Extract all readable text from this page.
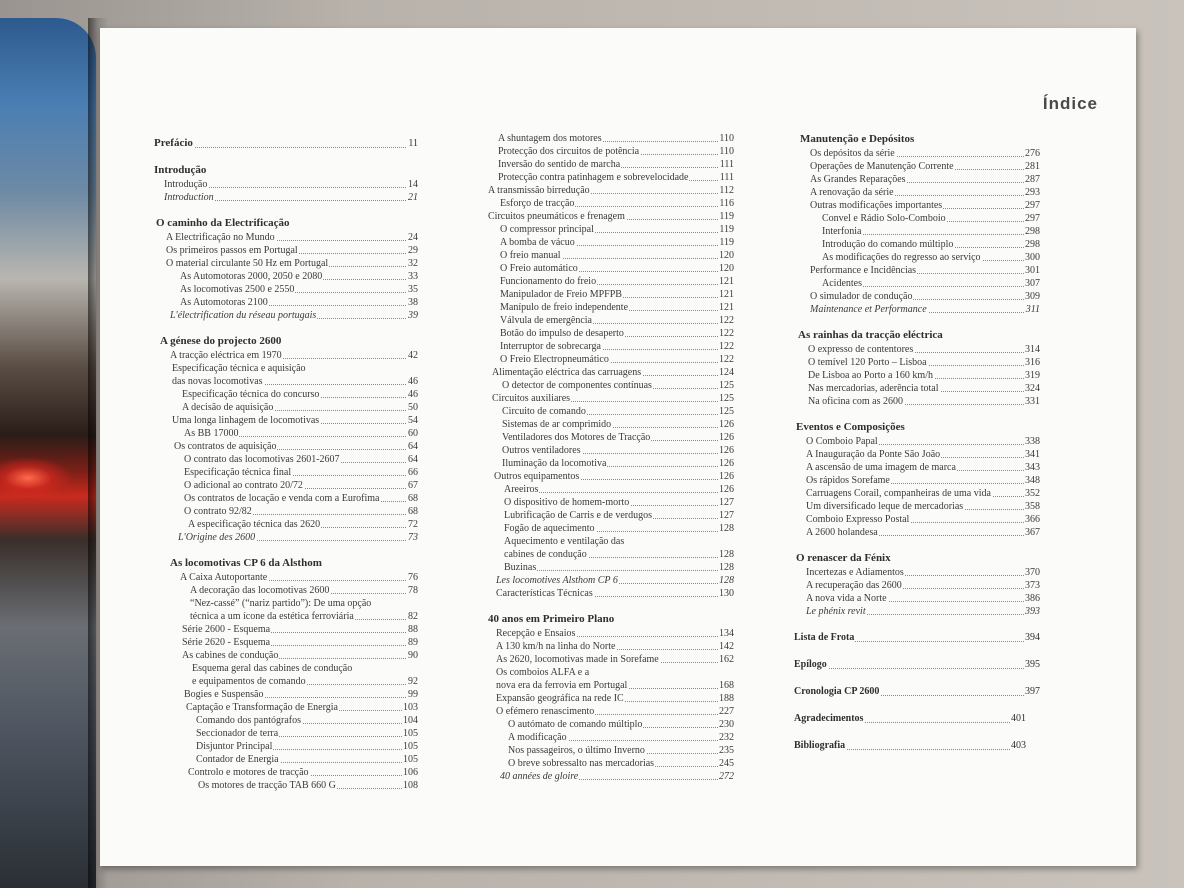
Índice
Prefácio	11
Introdução
Introdução	14
Introduction	21
O caminho da Electrificação
A Electrificação no Mundo	24
Os primeiros passos em Portugal	29
O material circulante 50 Hz em Portugal	32
As Automotoras 2000, 2050 e 2080	33
As locomotivas 2500 e 2550	35
As Automotoras 2100	38
L'électrification du réseau portugais	39
A génese do projecto 2600
A tracção eléctrica em 1970	42
Especificação técnica e aquisição
das novas locomotivas	46
Especificação técnica do concurso	46
A decisão de aquisição	50
Uma longa linhagem de locomotivas	54
As BB 17000	60
Os contratos de aquisição	64
O contrato das locomotivas 2601-2607	64
Especificação técnica final	66
O adicional ao contrato 20/72	67
Os contratos de locação e venda com a Eurofima	68
O contrato 92/82	68
A especificação técnica das 2620	72
L'Origine des 2600	73
As locomotivas CP 6 da Alsthom
A Caixa Autoportante	76
A decoração das locomotivas 2600	78
“Nez-cassé” (“nariz partido”): De uma opção
técnica a um ícone da estética ferroviária	82
Série 2600 - Esquema	88
Série 2620 - Esquema	89
As cabines de condução	90
Esquema geral das cabines de condução
e equipamentos de comando	92
Bogies e Suspensão	99
Captação e Transformação de Energia	103
Comando dos pantógrafos	104
Seccionador de terra	105
Disjuntor Principal	105
Contador de Energia	105
Controlo e motores de tracção	106
Os motores de tracção TAB 660 G	108
A shuntagem dos motores	110
Protecção dos circuitos de potência	110
Inversão do sentido de marcha	111
Protecção contra patinhagem e sobrevelocidade	111
A transmissão birredução	112
Esforço de tracção	116
Circuitos pneumáticos e frenagem	119
O compressor principal	119
A bomba de vácuo	119
O freio manual	120
O Freio automático	120
Funcionamento do freio	121
Manipulador de Freio MPFPB	121
Manípulo de freio independente	121
Válvula de emergência	122
Botão do impulso de desaperto	122
Interruptor de sobrecarga	122
O Freio Electropneumático	122
Alimentação eléctrica das carruagens	124
O detector de componentes contínuas	125
Circuitos auxiliares	125
Circuito de comando	125
Sistemas de ar comprimido	126
Ventiladores dos Motores de Tracção	126
Outros ventiladores	126
Iluminação da locomotiva	126
Outros equipamentos	126
Areeiros	126
O dispositivo de homem-morto	127
Lubrificação de Carris e de verdugos	127
Fogão de aquecimento	128
Aquecimento e ventilação das
cabines de condução	128
Buzinas	128
Les locomotives Alsthom CP 6	128
Características Técnicas	130
40 anos em Primeiro Plano
Recepção e Ensaios	134
A 130 km/h na linha do Norte	142
As 2620, locomotivas made in Sorefame	162
Os comboios ALFA e a
nova era da ferrovia em Portugal	168
Expansão geográfica na rede IC	188
O efémero renascimento	227
O autómato de comando múltiplo	230
A modificação	232
Nos passageiros, o último Inverno	235
O breve sobressalto nas mercadorias	245
40 années de gloire	272
Manutenção e Depósitos
Os depósitos da série	276
Operações de Manutenção Corrente	281
As Grandes Reparações	287
A renovação da série	293
Outras modificações importantes	297
Convel e Rádio Solo-Comboio	297
Interfonia	298
Introdução do comando múltiplo	298
As modificações do regresso ao serviço	300
Performance e Incidências	301
Acidentes	307
O simulador de condução	309
Maintenance et Performance	311
As rainhas da tracção eléctrica
O expresso de contentores	314
O temível 120 Porto – Lisboa	316
De Lisboa ao Porto a 160 km/h	319
Nas mercadorias, aderência total	324
Na oficina com as 2600	331
Eventos e Composições
O Comboio Papal	338
A Inauguração da Ponte São João	341
A ascensão de uma imagem de marca	343
Os rápidos Sorefame	348
Carruagens Corail, companheiras de uma vida	352
Um diversificado leque de mercadorias	358
Comboio Expresso Postal	366
A 2600 holandesa	367
O renascer da Fénix
Incertezas e Adiamentos	370
A recuperação das 2600	373
A nova vida a Norte	386
Le phénix revit	393
Lista de Frota	394
Epílogo	395
Cronologia CP 2600	397
Agradecimentos	401
Bibliografia	403
